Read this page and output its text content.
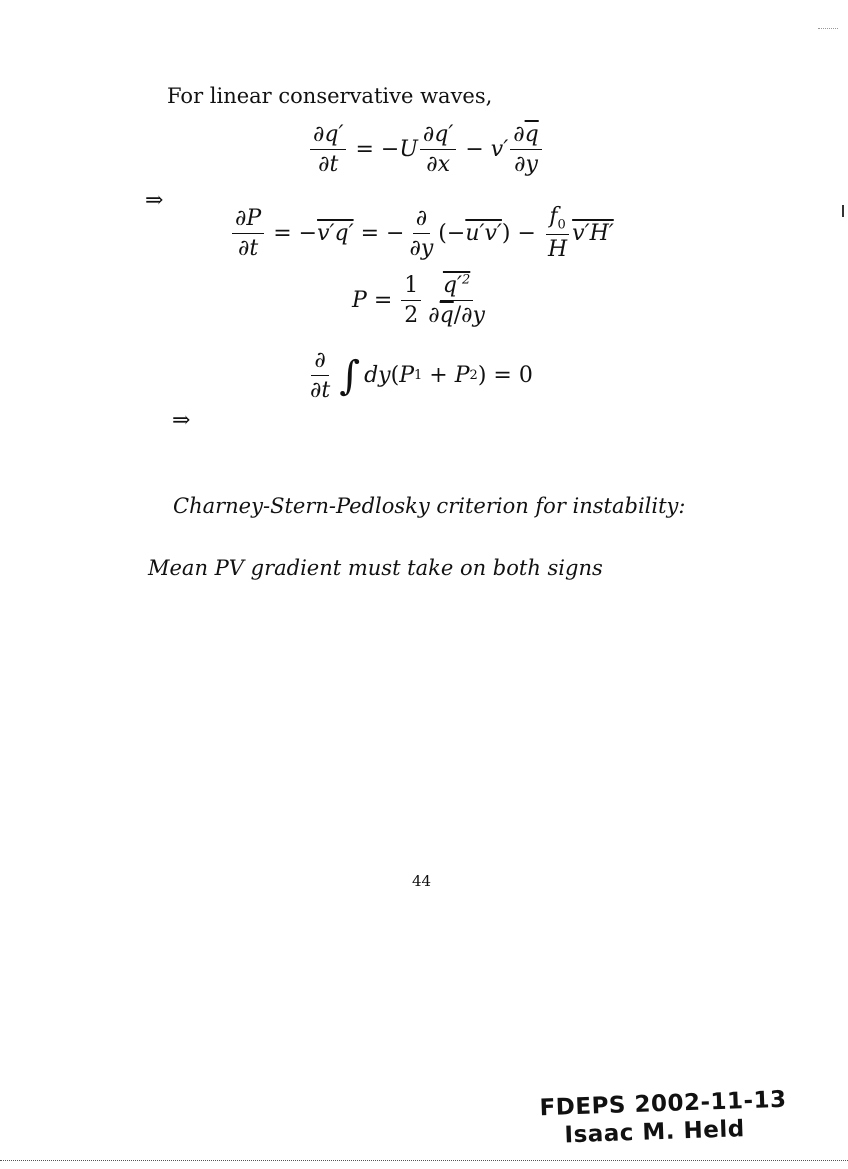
For linear conservative waves,
$\frac{\partial q'}{\partial t}$ = − U $\frac{\partial q'}{\partial x} - v' \frac{\partial\overline{q}}{\partial y}$
⇒
$\frac{\partial P}{\partial t}$ = − v′q′ = − $\frac{\partial}{\partial y}$ (− u′v′ ) − $\frac{f_0}{H} v'H'$
$P = \frac{1}{2} \frac{q'^2}{\partial\overline{q}/\partial y}$
$\frac{\partial}{\partial t}$ ∫ dy ( P 1 + P 2 ) = 0
⇒
Charney-Stern-Pedlosky criterion for instability:
Mean PV gradient must take on both signs
44
FDEPS 2002-11-13
Isaac M. Held
